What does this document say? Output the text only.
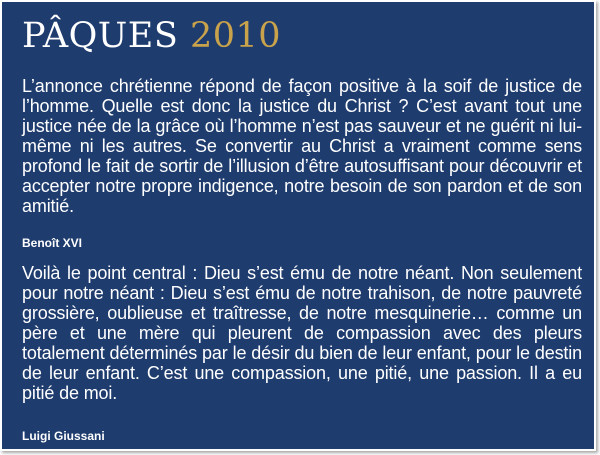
PÂQUES 2010

L’annonce chrétienne répond de façon positive à la soif de justice de l’homme. Quelle est donc la justice du Christ ? C’est avant tout une justice née de la grâce où l’homme n’est pas sauveur et ne guérit ni lui-même ni les autres. Se convertir au Christ a vraiment comme sens profond le fait de sortir de l’illusion d’être autosuffisant pour découvrir et accepter notre propre indigence, notre besoin de son pardon et de son amitié.

Benoît XVI

Voilà le point central : Dieu s’est ému de notre néant. Non seulement pour notre néant : Dieu s’est ému de notre trahison, de notre pauvreté grossière, oublieuse et traîtresse, de notre mesquinerie… comme un père et une mère qui pleurent de compassion avec des pleurs totalement déterminés par le désir du bien de leur enfant, pour le destin de leur enfant. C’est une compassion, une pitié, une passion. Il a eu pitié de moi.

Luigi Giussani
